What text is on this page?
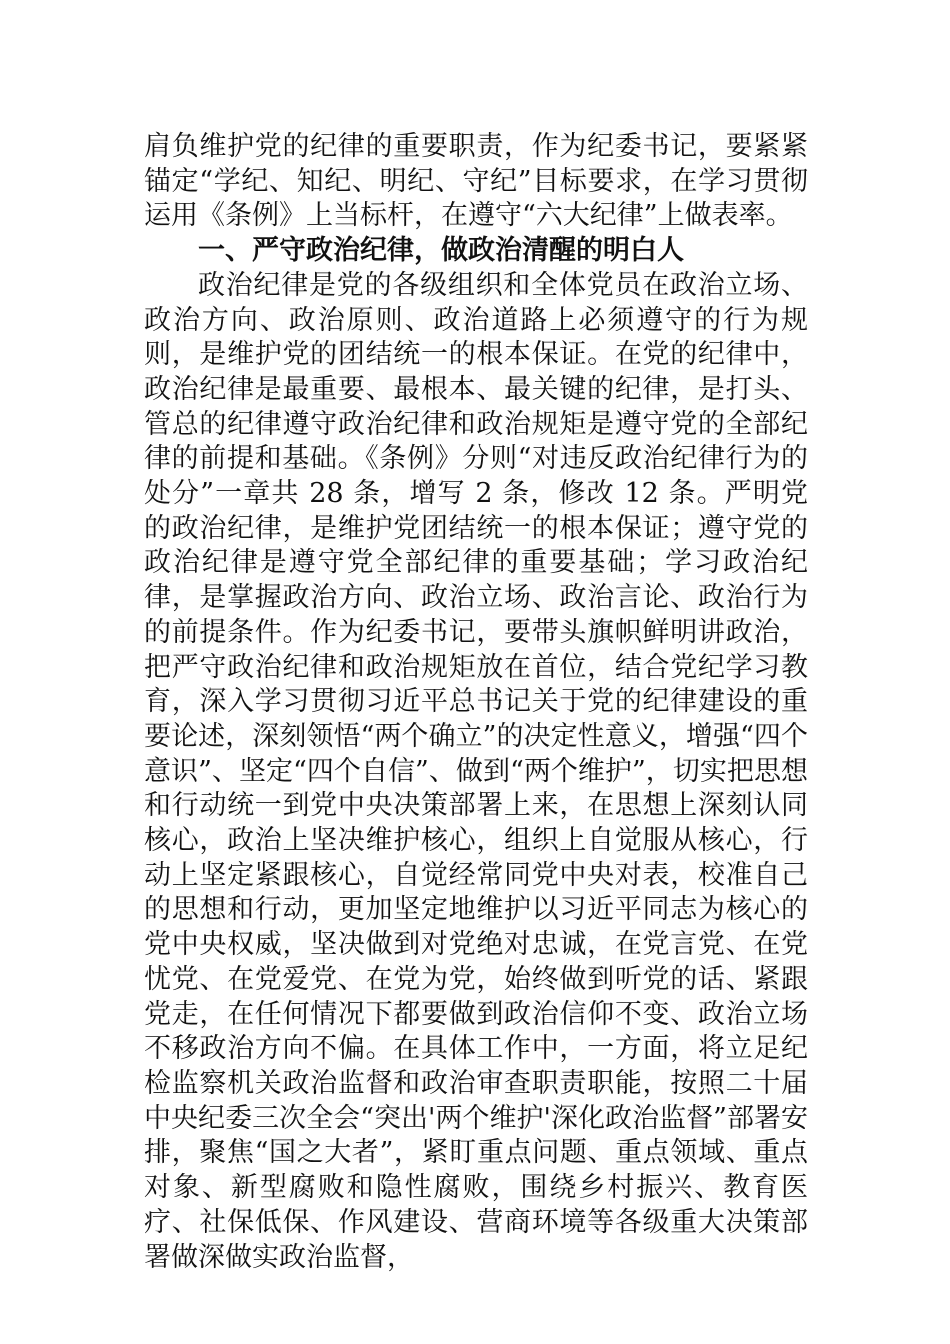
肩负维护党的纪律的重要职责，作为纪委书记，要紧紧锚定“学纪、知纪、明纪、守纪”目标要求，在学习贯彻运用《条例》上当标杆，在遵守“六大纪律”上做表率。

一、严守政治纪律，做政治清醒的明白人

政治纪律是党的各级组织和全体党员在政治立场、政治方向、政治原则、政治道路上必须遵守的行为规则，是维护党的团结统一的根本保证。在党的纪律中，政治纪律是最重要、最根本、最关键的纪律，是打头、管总的纪律遵守政治纪律和政治规矩是遵守党的全部纪律的前提和基础。《条例》分则“对违反政治纪律行为的处分”一章共 28 条，增写 2 条，修改 12 条。严明党的政治纪律，是维护党团结统一的根本保证；遵守党的政治纪律是遵守党全部纪律的重要基础；学习政治纪律，是掌握政治方向、政治立场、政治言论、政治行为的前提条件。作为纪委书记，要带头旗帜鲜明讲政治，把严守政治纪律和政治规矩放在首位，结合党纪学习教育，深入学习贯彻习近平总书记关于党的纪律建设的重要论述，深刻领悟“两个确立”的决定性意义，增强“四个意识”、坚定“四个自信”、做到“两个维护”，切实把思想和行动统一到党中央决策部署上来，在思想上深刻认同核心，政治上坚决维护核心，组织上自觉服从核心，行动上坚定紧跟核心，自觉经常同党中央对表，校准自己的思想和行动，更加坚定地维护以习近平同志为核心的党中央权威，坚决做到对党绝对忠诚，在党言党、在党忧党、在党爱党、在党为党，始终做到听党的话、紧跟党走，在任何情况下都要做到政治信仰不变、政治立场不移政治方向不偏。在具体工作中，一方面，将立足纪检监察机关政治监督和政治审查职责职能，按照二十届中央纪委三次全会“突出'两个维护'深化政治监督”部署安排，聚焦“国之大者”，紧盯重点问题、重点领域、重点对象、新型腐败和隐性腐败，围绕乡村振兴、教育医疗、社保低保、作风建设、营商环境等各级重大决策部署做深做实政治监督，
